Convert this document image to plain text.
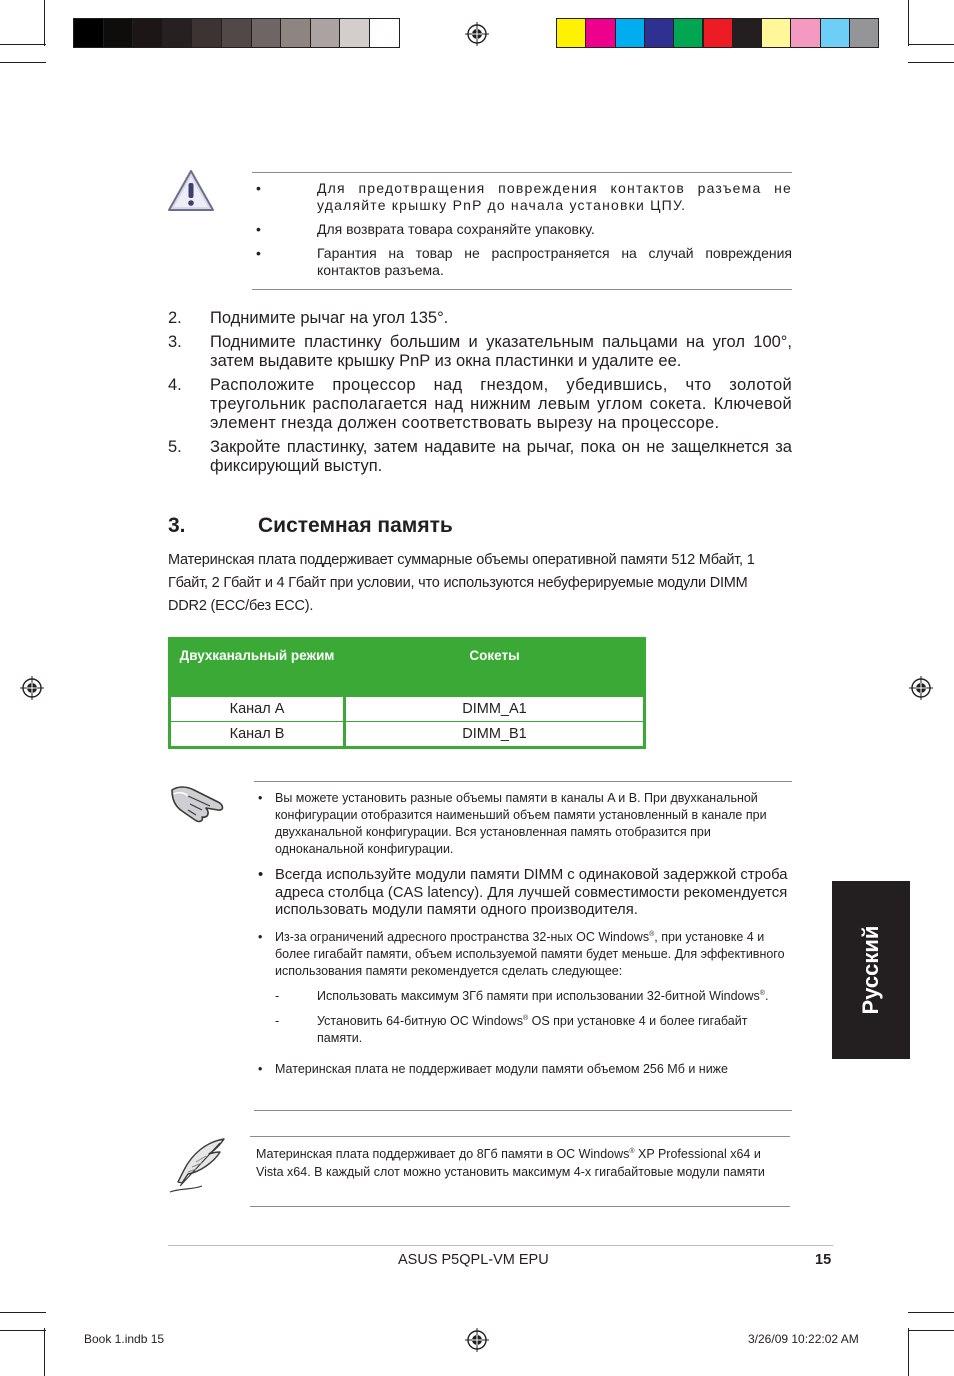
•	Для предотвращения повреждения контактов разъема не удаляйте крышку PnP до начала установки ЦПУ.
•	Для возврата товара сохраняйте упаковку.
•	Гарантия на товар не распространяется на случай повреждения контактов разъема.
2. Поднимите рычаг на угол 135°.
3. Поднимите пластинку большим и указательным пальцами на угол 100°, затем выдавите крышку PnP из окна пластинки и удалите ее.
4. Расположите процессор над гнездом, убедившись, что золотой треугольник располагается над нижним левым углом сокета. Ключевой элемент гнезда должен соответствовать вырезу на процессоре.
5. Закройте пластинку, затем надавите на рычаг, пока он не защелкнется за фиксирующий выступ.
3.	Системная память
Материнская плата поддерживает суммарные объемы оперативной памяти 512 Мбайт, 1 Гбайт, 2 Гбайт и 4 Гбайт при условии, что используются небуферируемые модули DIMM DDR2 (ECC/без ECC).
Двухканальный режим	Сокеты
Канал A	DIMM_A1
Канал B	DIMM_B1
• Вы можете установить разные объемы памяти в каналы A и B. При двухканальной конфигурации отобразится наименьший объем памяти установленный в канале при двухканальной конфигурации. Вся установленная память отобразится при одноканальной конфигурации.
• Всегда используйте модули памяти DIMM с одинаковой задержкой строба адреса столбца (CAS latency). Для лучшей совместимости рекомендуется использовать модули памяти одного производителя.
• Из-за ограничений адресного пространства 32-ных ОС Windows®, при установке 4 и более гигабайт памяти, объем используемой памяти будет меньше. Для эффективного использования памяти рекомендуется сделать следующее:
-	Использовать максимум 3Гб памяти при использовании 32-битной Windows®.
-	Установить 64-битную ОС Windows® OS при установке 4 и более гигабайт памяти.
• Материнская плата не поддерживает модули памяти объемом 256 Мб и ниже
Материнская плата поддерживает до 8Гб памяти в ОС Windows® XP Professional x64 и Vista x64. В каждый слот можно установить максимум 4-х гигабайтовые модули памяти
Русский
ASUS P5QPL-VM EPU	15
Book 1.indb 15	3/26/09 10:22:02 AM
